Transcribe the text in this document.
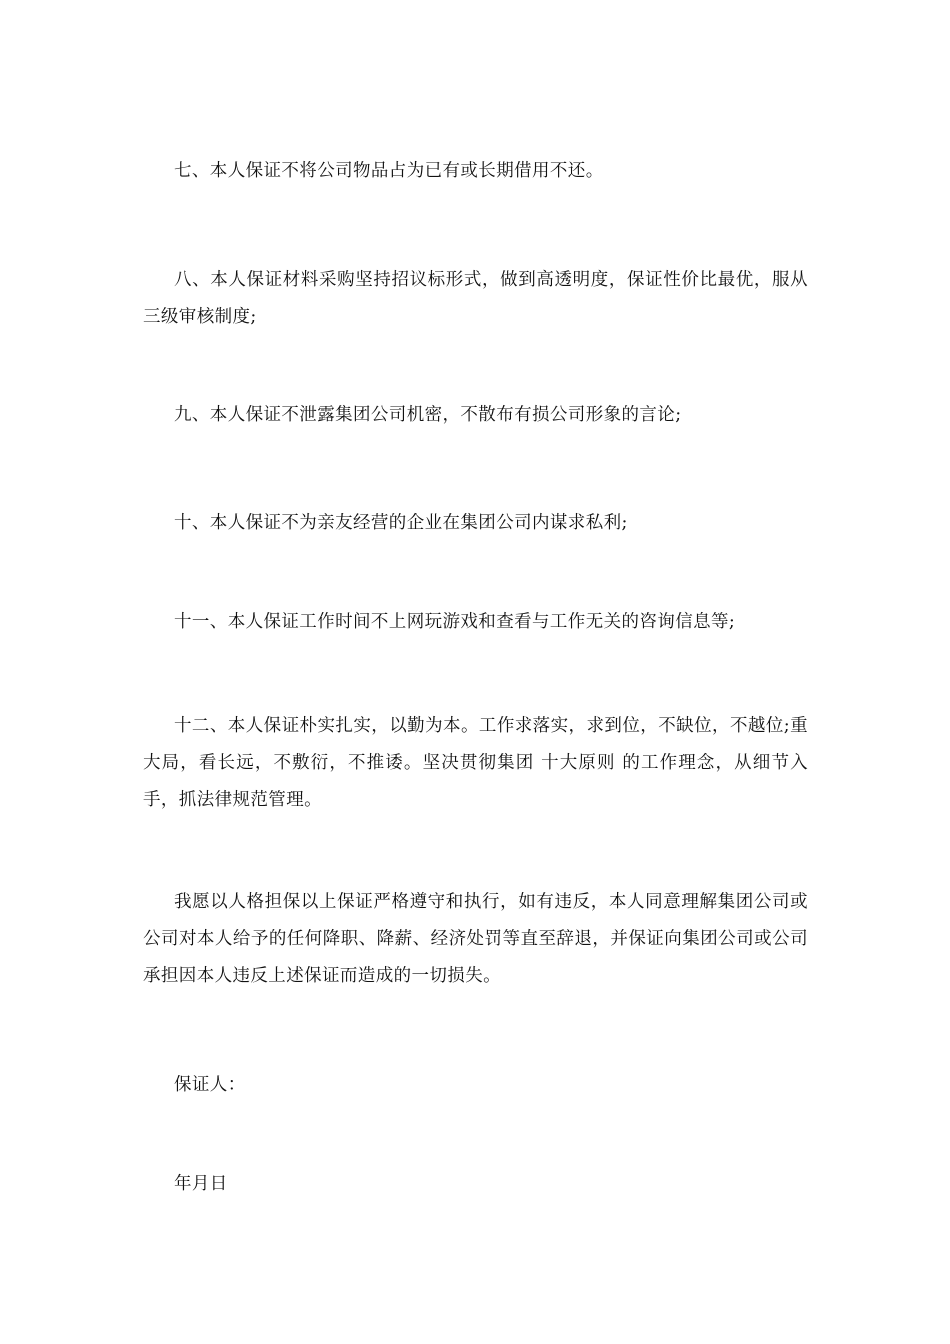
七、本人保证不将公司物品占为已有或长期借用不还。

八、本人保证材料采购坚持招议标形式，做到高透明度，保证性价比最优，服从三级审核制度;

九、本人保证不泄露集团公司机密，不散布有损公司形象的言论;

十、本人保证不为亲友经营的企业在集团公司内谋求私利;

十一、本人保证工作时间不上网玩游戏和查看与工作无关的咨询信息等;

十二、本人保证朴实扎实，以勤为本。工作求落实，求到位，不缺位，不越位;重大局，看长远，不敷衍，不推诿。坚决贯彻集团 十大原则 的工作理念，从细节入手，抓法律规范管理。

我愿以人格担保以上保证严格遵守和执行，如有违反，本人同意理解集团公司或公司对本人给予的任何降职、降薪、经济处罚等直至辞退，并保证向集团公司或公司承担因本人违反上述保证而造成的一切损失。

保证人：

年月日
